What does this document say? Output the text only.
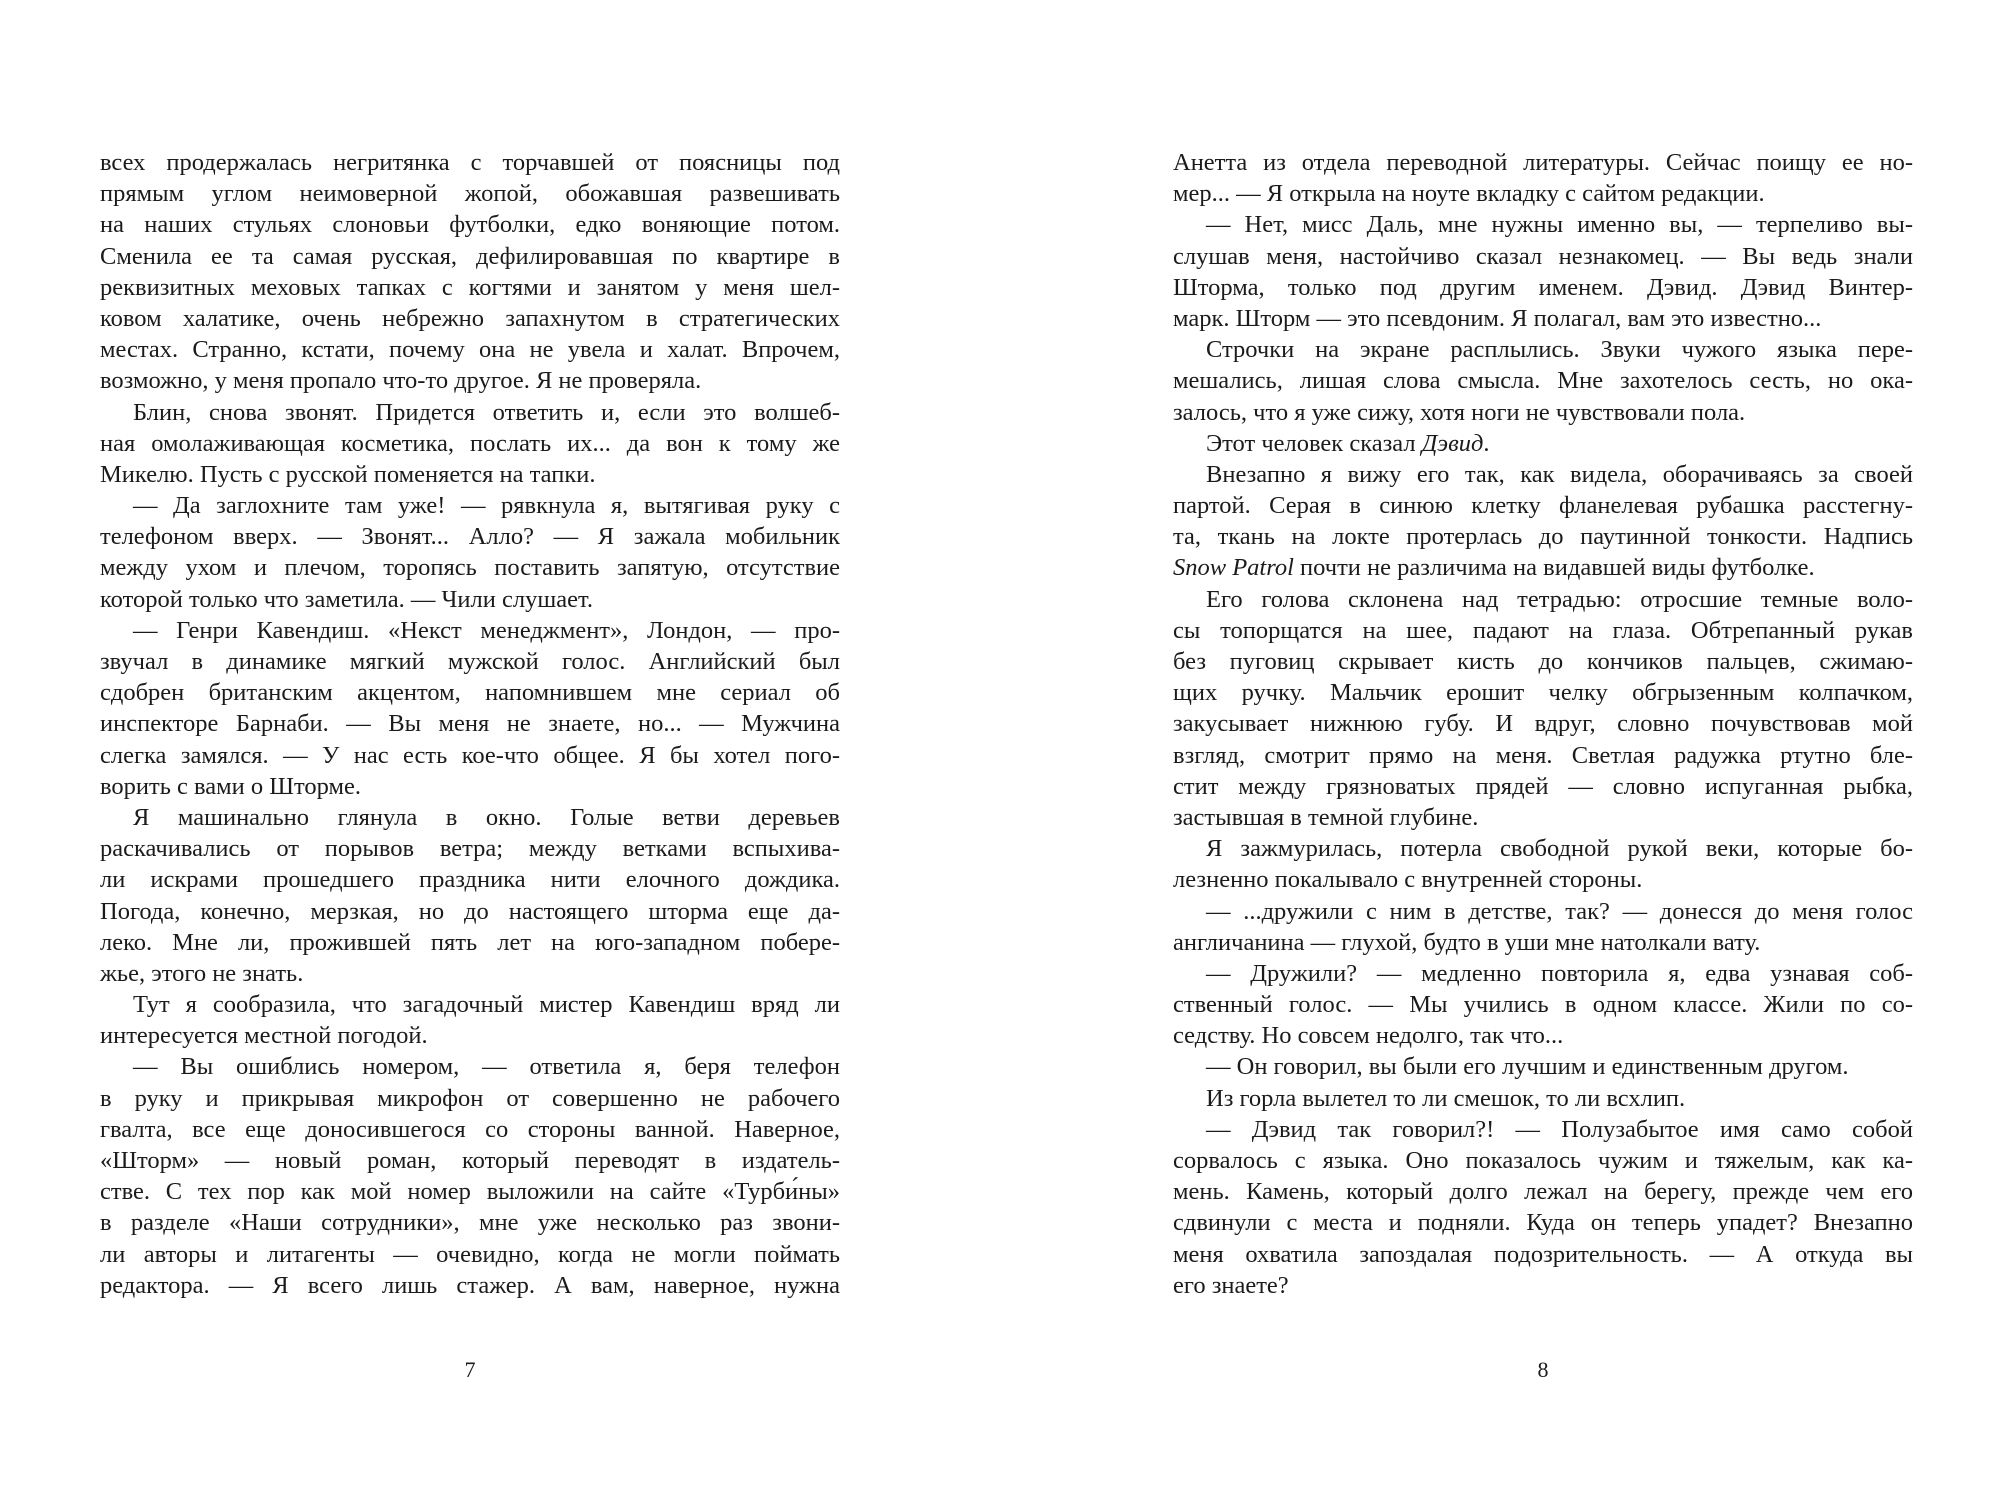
всех продержалась негритянка с торчавшей от поясницы под
прямым углом неимоверной жопой, обожавшая развешивать
на наших стульях слоновьи футболки, едко воняющие потом.
Сменила ее та самая русская, дефилировавшая по квартире в
реквизитных меховых тапках с когтями и занятом у меня шел-
ковом халатике, очень небрежно запахнутом в стратегических
местах. Странно, кстати, почему она не увела и халат. Впрочем,
возможно, у меня пропало что-то другое. Я не проверяла.
Блин, снова звонят. Придется ответить и, если это волшеб-
ная омолаживающая косметика, послать их... да вон к тому же
Микелю. Пусть с русской поменяется на тапки.
— Да заглохните там уже! — рявкнула я, вытягивая руку с
телефоном вверх. — Звонят... Алло? — Я зажала мобильник
между ухом и плечом, торопясь поставить запятую, отсутствие
которой только что заметила. — Чили слушает.
— Генри Кавендиш. «Некст менеджмент», Лондон, — про-
звучал в динамике мягкий мужской голос. Английский был
сдобрен британским акцентом, напомнившем мне сериал об
инспекторе Барнаби. — Вы меня не знаете, но... — Мужчина
слегка замялся. — У нас есть кое-что общее. Я бы хотел пого-
ворить с вами о Шторме.
Я машинально глянула в окно. Голые ветви деревьев
раскачивались от порывов ветра; между ветками вспыхива-
ли искрами прошедшего праздника нити елочного дождика.
Погода, конечно, мерзкая, но до настоящего шторма еще да-
леко. Мне ли, прожившей пять лет на юго-западном побере-
жье, этого не знать.
Тут я сообразила, что загадочный мистер Кавендиш вряд ли
интересуется местной погодой.
— Вы ошиблись номером, — ответила я, беря телефон
в руку и прикрывая микрофон от совершенно не рабочего
гвалта, все еще доносившегося со стороны ванной. Наверное,
«Шторм» — новый роман, который переводят в издатель-
стве. С тех пор как мой номер выложили на сайте «Турби́ны»
в разделе «Наши сотрудники», мне уже несколько раз звони-
ли авторы и литагенты — очевидно, когда не могли поймать
редактора. — Я всего лишь стажер. А вам, наверное, нужна
Анетта из отдела переводной литературы. Сейчас поищу ее но-
мер... — Я открыла на ноуте вкладку с сайтом редакции.
— Нет, мисс Даль, мне нужны именно вы, — терпеливо вы-
слушав меня, настойчиво сказал незнакомец. — Вы ведь знали
Шторма, только под другим именем. Дэвид. Дэвид Винтер-
марк. Шторм — это псевдоним. Я полагал, вам это известно...
Строчки на экране расплылись. Звуки чужого языка пере-
мешались, лишая слова смысла. Мне захотелось сесть, но ока-
залось, что я уже сижу, хотя ноги не чувствовали пола.
Этот человек сказал Дэвид.
Внезапно я вижу его так, как видела, оборачиваясь за своей
партой. Серая в синюю клетку фланелевая рубашка расстегну-
та, ткань на локте протерлась до паутинной тонкости. Надпись
Snow Patrol почти не различима на видавшей виды футболке.
Его голова склонена над тетрадью: отросшие темные воло-
сы топорщатся на шее, падают на глаза. Обтрепанный рукав
без пуговиц скрывает кисть до кончиков пальцев, сжимаю-
щих ручку. Мальчик ерошит челку обгрызенным колпачком,
закусывает нижнюю губу. И вдруг, словно почувствовав мой
взгляд, смотрит прямо на меня. Светлая радужка ртутно бле-
стит между грязноватых прядей — словно испуганная рыбка,
застывшая в темной глубине.
Я зажмурилась, потерла свободной рукой веки, которые бо-
лезненно покалывало с внутренней стороны.
— ...дружили с ним в детстве, так? — донесся до меня голос
англичанина — глухой, будто в уши мне натолкали вату.
— Дружили? — медленно повторила я, едва узнавая соб-
ственный голос. — Мы учились в одном классе. Жили по со-
седству. Но совсем недолго, так что...
— Он говорил, вы были его лучшим и единственным другом.
Из горла вылетел то ли смешок, то ли всхлип.
— Дэвид так говорил?! — Полузабытое имя само собой
сорвалось с языка. Оно показалось чужим и тяжелым, как ка-
мень. Камень, который долго лежал на берегу, прежде чем его
сдвинули с места и подняли. Куда он теперь упадет? Внезапно
меня охватила запоздалая подозрительность. — А откуда вы
его знаете?
7	8
